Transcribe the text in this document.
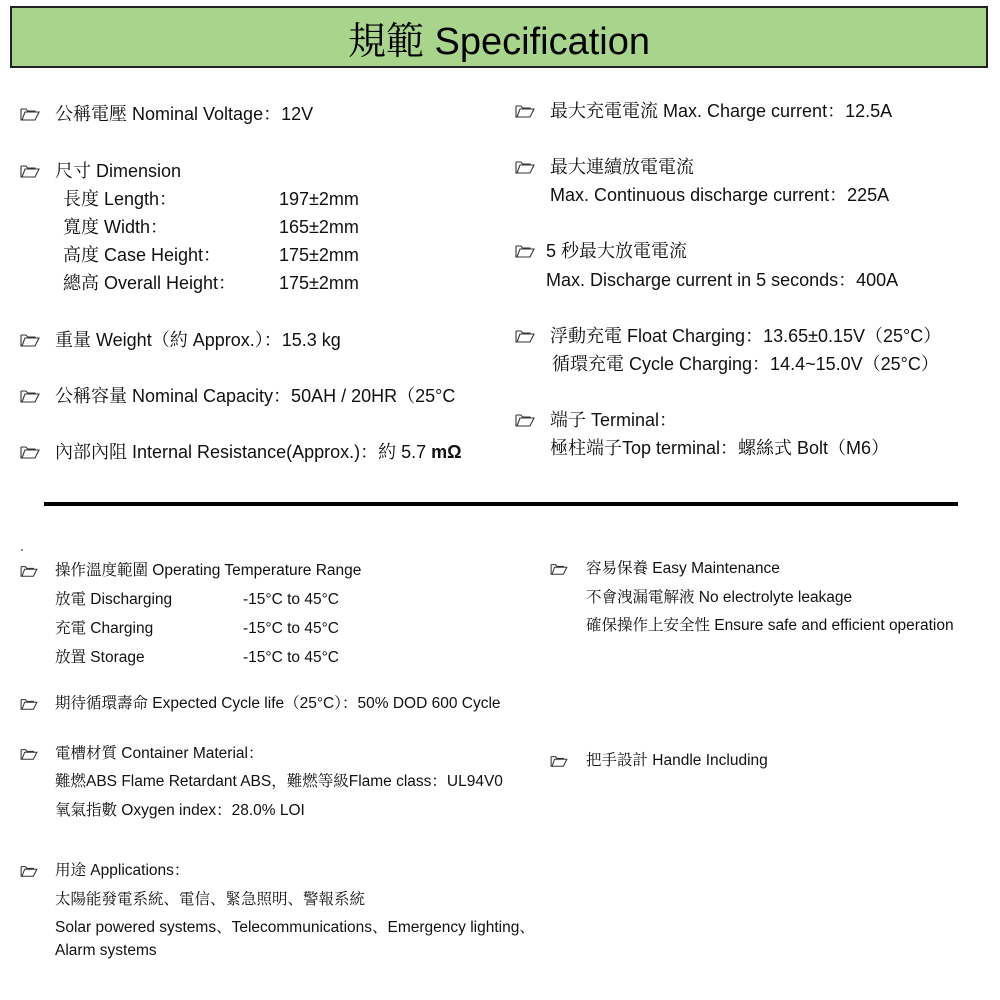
規範 Specification
公稱電壓 Nominal Voltage：12V
尺寸 Dimension
長度 Length：	197±2mm
寬度 Width：	165±2mm
高度 Case Height：	175±2mm
總高 Overall Height： 175±2mm
重量 Weight（約 Approx.）：15.3 kg
公稱容量 Nominal Capacity：50AH / 20HR（25°C
內部內阻 Internal Resistance(Approx.)：約 5.7 mΩ
最大充電電流 Max. Charge current：12.5A
最大連續放電電流
Max. Continuous discharge current：225A
5 秒最大放電電流
Max. Discharge current in 5 seconds：400A
浮動充電 Float Charging：13.65±0.15V（25°C）
循環充電 Cycle Charging：14.4~15.0V（25°C）
端子 Terminal：
極柱端子Top terminal：螺絲式 Bolt（M6）
操作溫度範圍 Operating Temperature Range
放電 Discharging	-15°C to 45°C
充電 Charging	-15°C to 45°C
放置 Storage	-15°C to 45°C
期待循環壽命 Expected Cycle life（25°C）：50% DOD 600 Cycle
電槽材質 Container Material：
難燃ABS Flame Retardant ABS，難燃等級Flame class：UL94V0
氧氣指數 Oxygen index：28.0% LOI
用途 Applications：
太陽能發電系統、電信、緊急照明、警報系統
Solar powered systems、Telecommunications、Emergency lighting、
Alarm systems
容易保養 Easy Maintenance
不會洩漏電解液 No electrolyte leakage
確保操作上安全性 Ensure safe and efficient operation
把手設計 Handle Including
